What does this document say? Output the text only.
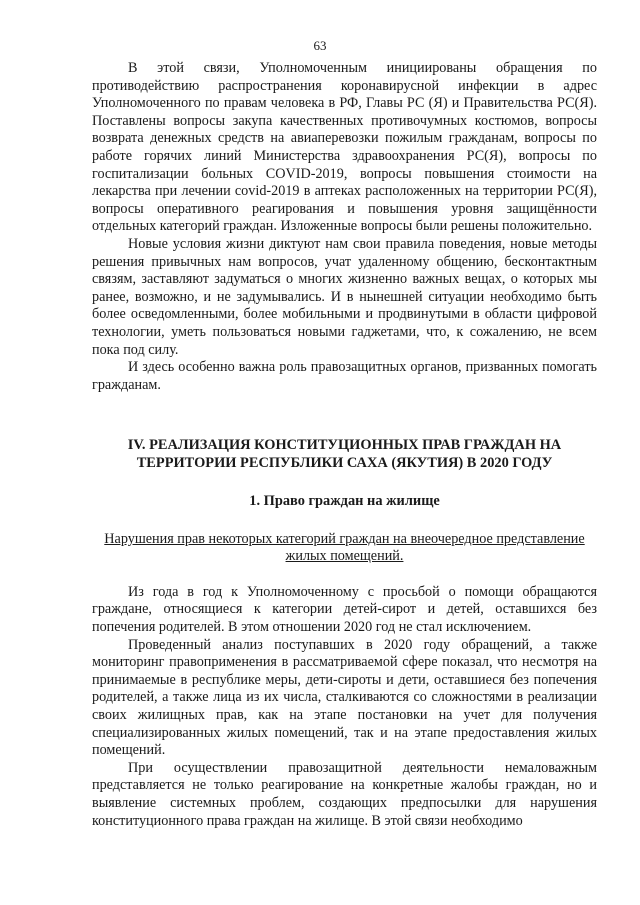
63

В этой связи, Уполномоченным инициированы обращения по противодействию распространения коронавирусной инфекции в адрес Уполномоченного по правам человека в РФ, Главы РС (Я) и Правительства РС(Я). Поставлены вопросы закупа качественных противочумных костюмов, вопросы возврата денежных средств на авиаперевозки пожилым гражданам, вопросы по работе горячих линий Министерства здравоохранения РС(Я), вопросы по госпитализации больных COVID-2019, вопросы повышения стоимости на лекарства при лечении covid-2019 в аптеках расположенных на территории РС(Я), вопросы оперативного реагирования и повышения уровня защищённости отдельных категорий граждан. Изложенные вопросы были решены положительно.

Новые условия жизни диктуют нам свои правила поведения, новые методы решения привычных нам вопросов, учат удаленному общению, бесконтактным связям, заставляют задуматься о многих жизненно важных вещах, о которых мы ранее, возможно, и не задумывались. И в нынешней ситуации необходимо быть более осведомленными, более мобильными и продвинутыми в области цифровой технологии, уметь пользоваться новыми гаджетами, что, к сожалению, не всем пока под силу.

И здесь особенно важна роль правозащитных органов, призванных помогать гражданам.

IV. РЕАЛИЗАЦИЯ КОНСТИТУЦИОННЫХ ПРАВ ГРАЖДАН НА ТЕРРИТОРИИ РЕСПУБЛИКИ САХА (ЯКУТИЯ) В 2020 ГОДУ

1. Право граждан на жилище

Нарушения прав некоторых категорий граждан на внеочередное представление жилых помещений.

Из года в год к Уполномоченному с просьбой о помощи обращаются граждане, относящиеся к категории детей-сирот и детей, оставшихся без попечения родителей. В этом отношении 2020 год не стал исключением.

Проведенный анализ поступавших в 2020 году обращений, а также мониторинг правоприменения в рассматриваемой сфере показал, что несмотря на принимаемые в республике меры, дети-сироты и дети, оставшиеся без попечения родителей, а также лица из их числа, сталкиваются со сложностями в реализации своих жилищных прав, как на этапе постановки на учет для получения специализированных жилых помещений, так и на этапе предоставления жилых помещений.

При осуществлении правозащитной деятельности немаловажным представляется не только реагирование на конкретные жалобы граждан, но и выявление системных проблем, создающих предпосылки для нарушения конституционного права граждан на жилище. В этой связи необходимо
